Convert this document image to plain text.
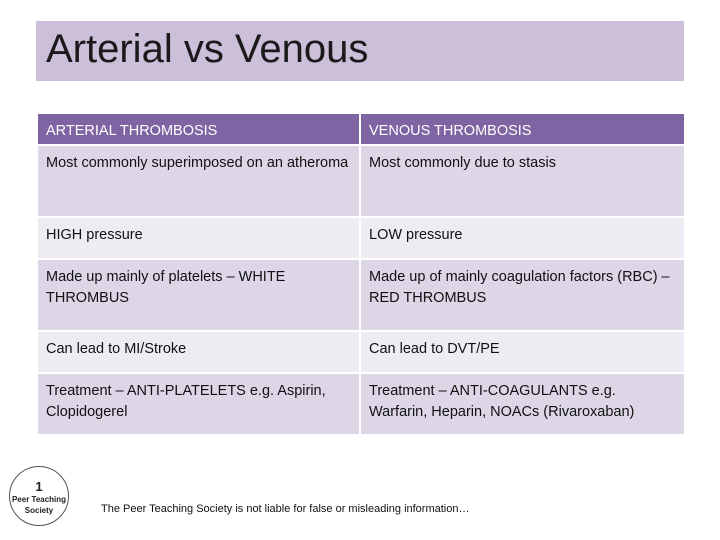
Arterial vs Venous
ARTERIAL THROMBOSIS	VENOUS THROMBOSIS
Most commonly superimposed on an atheroma	Most commonly due to stasis
HIGH pressure	LOW pressure
Made up mainly of platelets – WHITE THROMBUS	Made up of mainly coagulation factors (RBC) – RED THROMBUS
Can lead to MI/Stroke	Can lead to DVT/PE
Treatment – ANTI-PLATELETS e.g. Aspirin, Clopidogerel	Treatment – ANTI-COAGULANTS e.g. Warfarin, Heparin, NOACs (Rivaroxaban)
1
Peer Teaching
Society	The Peer Teaching Society is not liable for false or misleading information…
